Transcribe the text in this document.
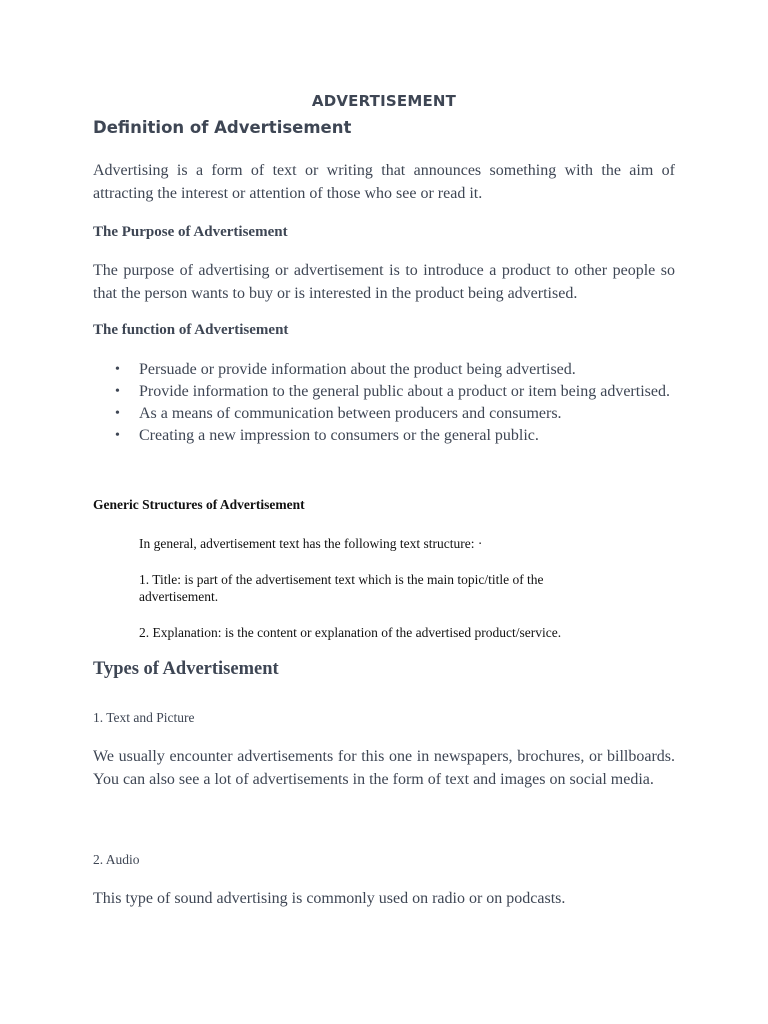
ADVERTISEMENT
Definition of Advertisement

Advertising is a form of text or writing that announces something with the aim of attracting the interest or attention of those who see or read it.

The Purpose of Advertisement

The purpose of advertising or advertisement is to introduce a product to other people so that the person wants to buy or is interested in the product being advertised.

The function of Advertisement
• Persuade or provide information about the product being advertised.
• Provide information to the general public about a product or item being advertised.
• As a means of communication between producers and consumers.
• Creating a new impression to consumers or the general public.
Generic Structures of Advertisement

In general, advertisement text has the following text structure: ·

1. Title: is part of the advertisement text which is the main topic/title of the advertisement.

2. Explanation: is the content or explanation of the advertised product/service.

Types of Advertisement

1. Text and Picture

We usually encounter advertisements for this one in newspapers, brochures, or billboards. You can also see a lot of advertisements in the form of text and images on social media.

2. Audio

This type of sound advertising is commonly used on radio or on podcasts.
